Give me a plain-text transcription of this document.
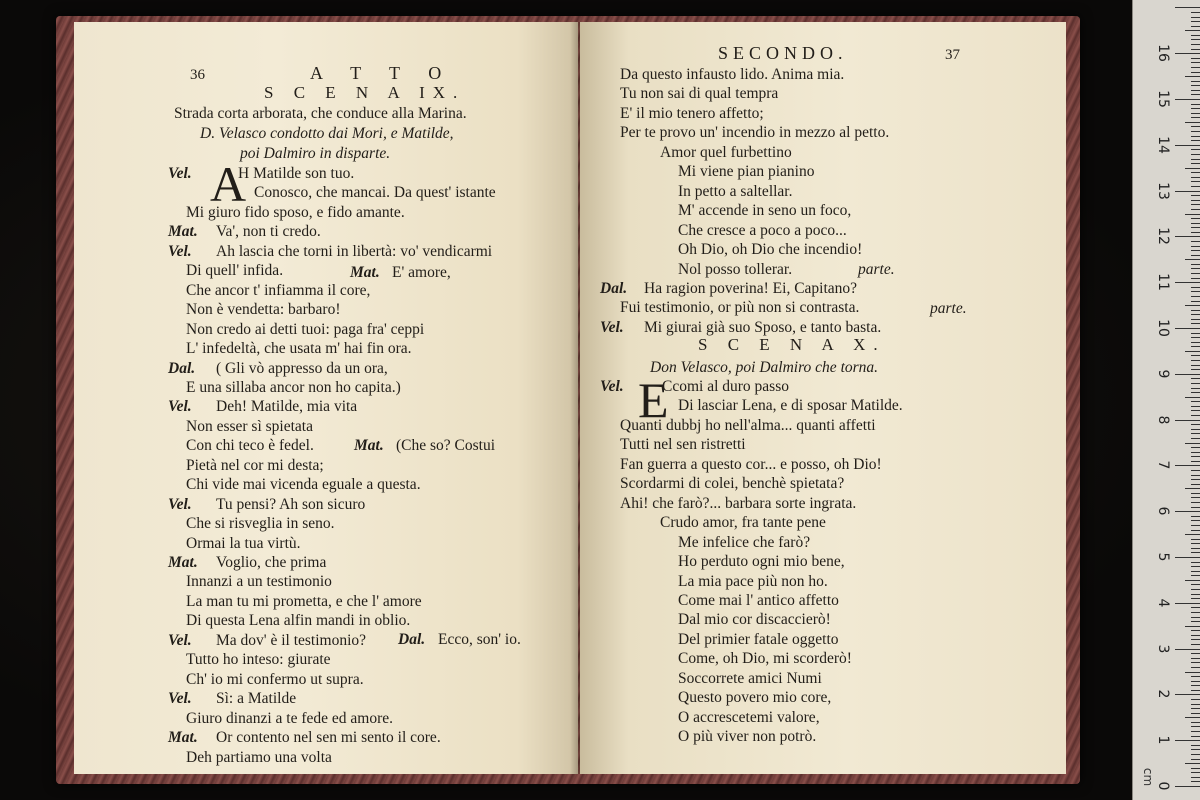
36	A T T O
S C E N A IX.
Strada corta arborata, che conduce alla Marina.
D. Velasco condotto dai Mori, e Matilde,
poi Dalmiro in disparte.
A
Vel.	H Matilde son tuo.
Conosco, che mancai. Da quest' istante
Mi giuro fido sposo, e fido amante.
Mat. Va', non ti credo.
Vel. Ah lascia che torni in libertà: vo' vendicarmi
Di quell' infida.
Che ancor t' infiamma il core,
Non è vendetta: barbaro!
Non credo ai detti tuoi: paga fra' ceppi
L' infedeltà, che usata m' hai fin ora.
Dal. ( Gli vò appresso da un ora,
E una sillaba ancor non ho capita.)
Vel. Deh! Matilde, mia vita
Non esser sì spietata
Con chi teco è fedel.
Pietà nel cor mi desta;
Chi vide mai vicenda eguale a questa.
Vel. Tu pensi? Ah son sicuro
Che si risveglia in seno.
Ormai la tua virtù.
Mat. Voglio, che prima
Innanzi a un testimonio
La man tu mi prometta, e che l' amore
Di questa Lena alfin mandi in oblio.
Vel. Ma dov' è il testimonio?
Tutto ho inteso: giurate
Ch' io mi confermo ut supra.
Vel. Sì: a Matilde
Giuro dinanzi a te fede ed amore.
Mat. Or contento nel sen mi sento il core.
Deh partiamo una volta
Mat. E' amore,
Mat. (Che so? Costui
Dal. Ecco, son' io.
SECONDO.	37
Da questo infausto lido. Anima mia.
Tu non sai di qual tempra
E' il mio tenero affetto;
Per te provo un' incendio in mezzo al petto.
Amor quel furbettino
Mi viene pian pianino
In petto a saltellar.
M' accende in seno un foco,
Che cresce a poco a poco...
Oh Dio, oh Dio che incendio!
Nol posso tollerar.
Dal. Ha ragion poverina! Ei, Capitano?
Fui testimonio, or più non si contrasta.
Vel. Mi giurai già suo Sposo, e tanto basta.
parte.
parte.
S C E N A X.
Don Velasco, poi Dalmiro che torna.
E
Vel. Ccomi al duro passo
Di lasciar Lena, e di sposar Matilde.
Quanti dubbj ho nell'alma... quanti affetti
Tutti nel sen ristretti
Fan guerra a questo cor... e posso, oh Dio!
Scordarmi di colei, benchè spietata?
Ahi! che farò?... barbara sorte ingrata.
Crudo amor, fra tante pene
Me infelice che farò?
Ho perduto ogni mio bene,
La mia pace più non ho.
Come mai l' antico affetto
Dal mio cor discaccierò!
Del primier fatale oggetto
Come, oh Dio, mi scorderò!
Soccorrete amici Numi
Questo povero mio core,
O accrescetemi valore,
O più viver non potrò.
0
1
2
3
4
5
6
7
8
9
10
11
12
13
14
15
16
cm
